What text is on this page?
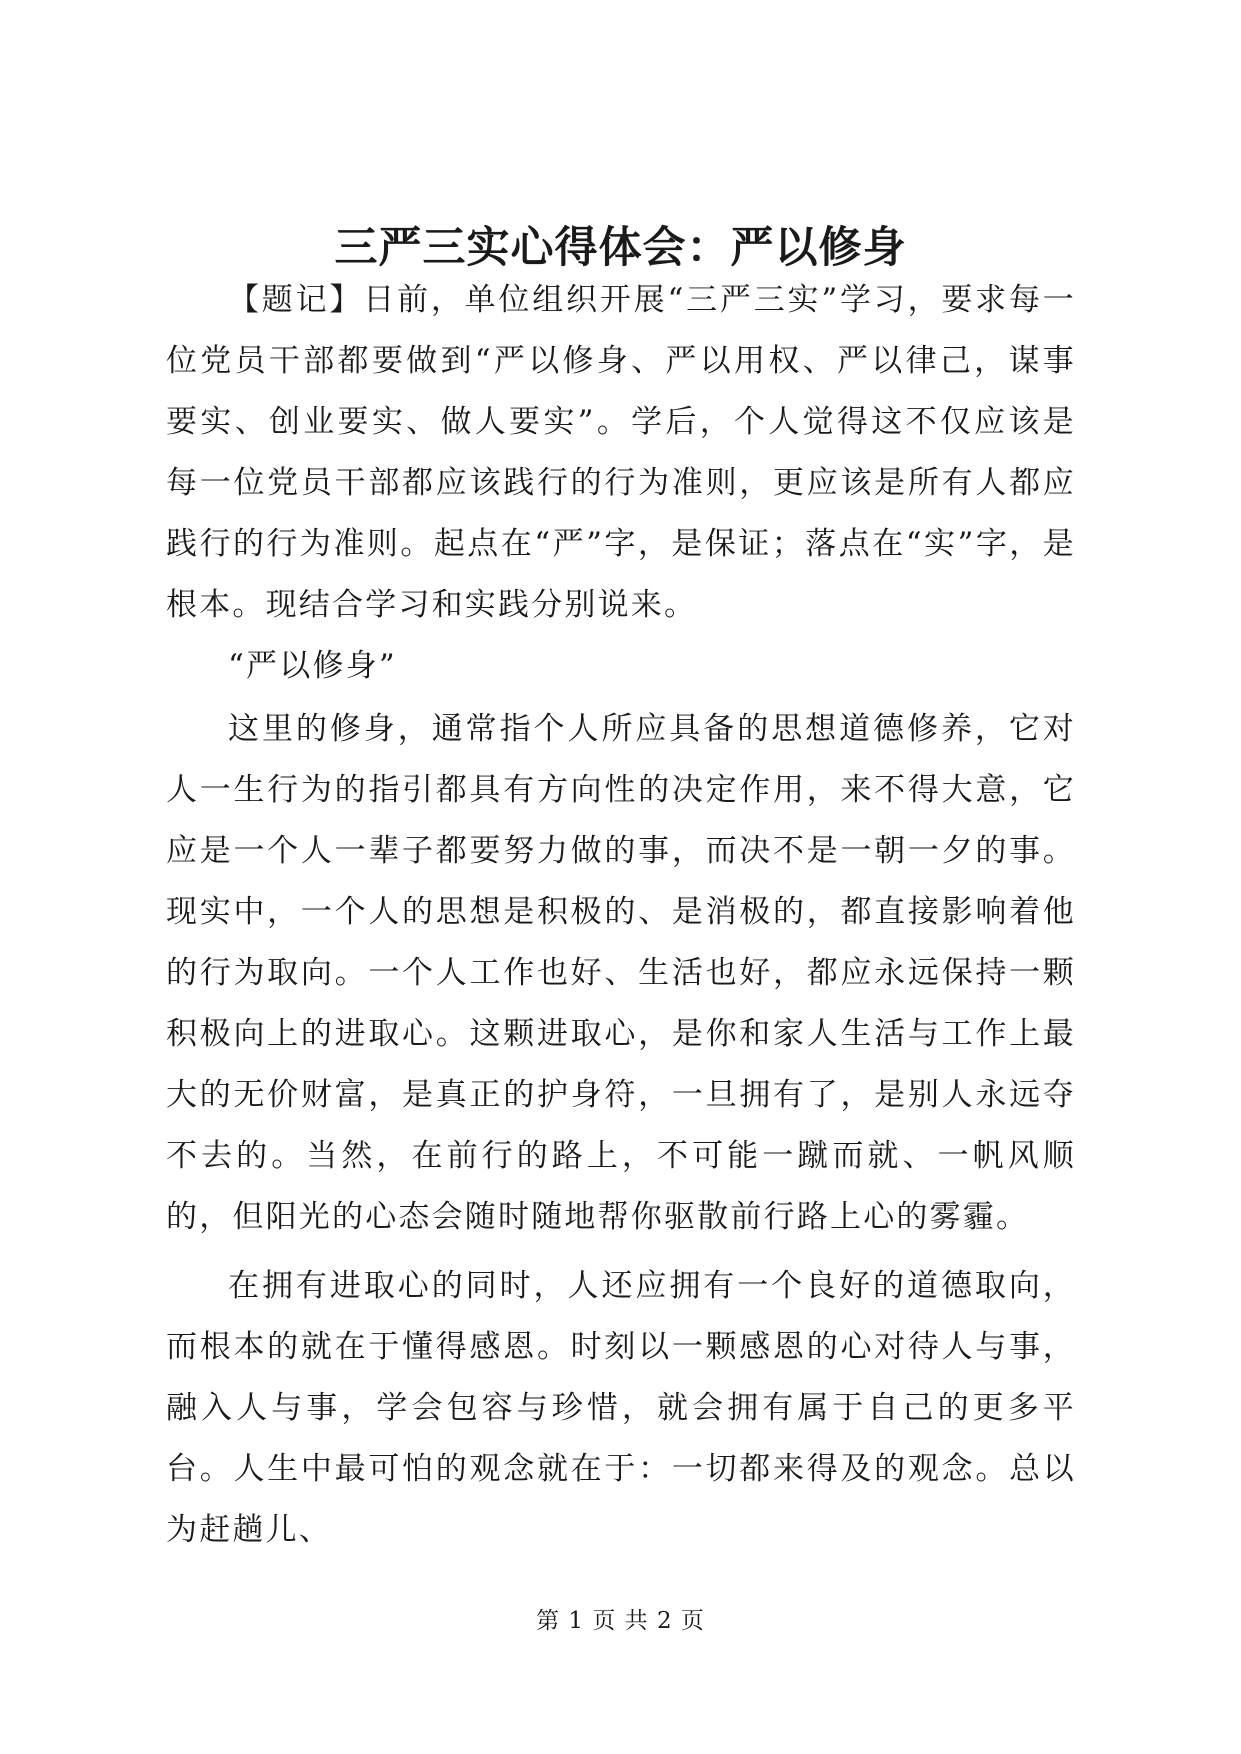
三严三实心得体会：严以修身

【题记】日前，单位组织开展“三严三实”学习，要求每一位党员干部都要做到“严以修身、严以用权、严以律己，谋事要实、创业要实、做人要实”。学后，个人觉得这不仅应该是每一位党员干部都应该践行的行为准则，更应该是所有人都应践行的行为准则。起点在“严”字，是保证；落点在“实”字，是根本。现结合学习和实践分别说来。

“严以修身”

这里的修身，通常指个人所应具备的思想道德修养，它对人一生行为的指引都具有方向性的决定作用，来不得大意，它应是一个人一辈子都要努力做的事，而决不是一朝一夕的事。现实中，一个人的思想是积极的、是消极的，都直接影响着他的行为取向。一个人工作也好、生活也好，都应永远保持一颗积极向上的进取心。这颗进取心，是你和家人生活与工作上最大的无价财富，是真正的护身符，一旦拥有了，是别人永远夺不去的。当然，在前行的路上，不可能一蹴而就、一帆风顺的，但阳光的心态会随时随地帮你驱散前行路上心的雾霾。

在拥有进取心的同时，人还应拥有一个良好的道德取向，而根本的就在于懂得感恩。时刻以一颗感恩的心对待人与事，融入人与事，学会包容与珍惜，就会拥有属于自己的更多平台。人生中最可怕的观念就在于：一切都来得及的观念。总以为赶趟儿、

第 1 页 共 2 页
